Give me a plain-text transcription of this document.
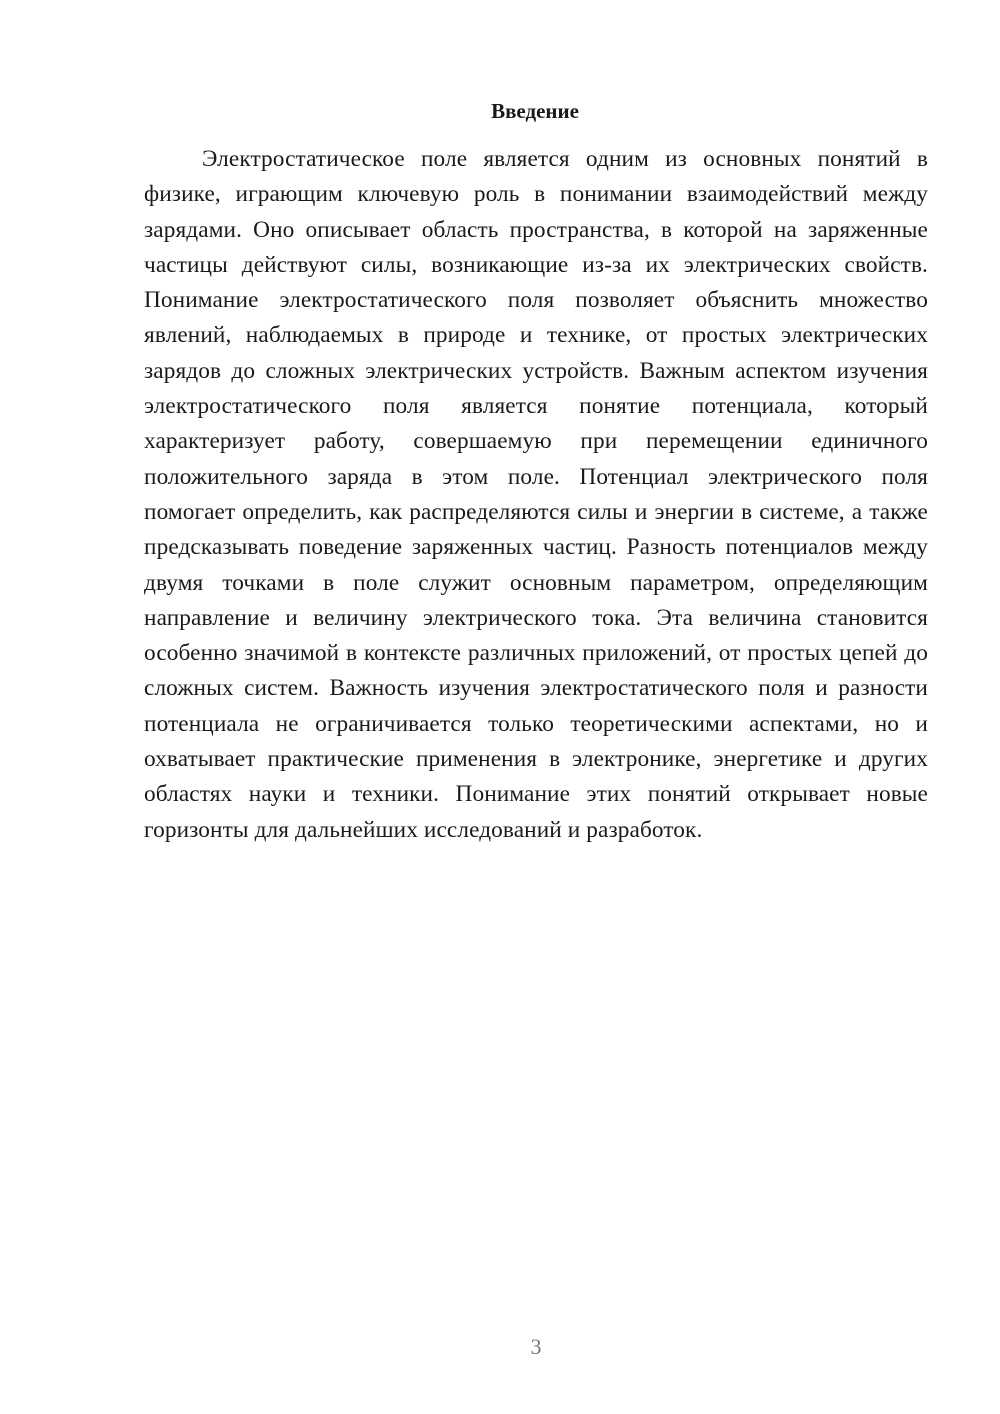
Введение

Электростатическое поле является одним из основных понятий в физике, играющим ключевую роль в понимании взаимодействий между зарядами. Оно описывает область пространства, в которой на заряженные частицы действуют силы, возникающие из-за их электрических свойств. Понимание электростатического поля позволяет объяснить множество явлений, наблюдаемых в природе и технике, от простых электрических зарядов до сложных электрических устройств. Важным аспектом изучения электростатического поля является понятие потенциала, который характеризует работу, совершаемую при перемещении единичного положительного заряда в этом поле. Потенциал электрического поля помогает определить, как распределяются силы и энергии в системе, а также предсказывать поведение заряженных частиц. Разность потенциалов между двумя точками в поле служит основным параметром, определяющим направление и величину электрического тока. Эта величина становится особенно значимой в контексте различных приложений, от простых цепей до сложных систем. Важность изучения электростатического поля и разности потенциала не ограничивается только теоретическими аспектами, но и охватывает практические применения в электронике, энергетике и других областях науки и техники. Понимание этих понятий открывает новые горизонты для дальнейших исследований и разработок.

3
